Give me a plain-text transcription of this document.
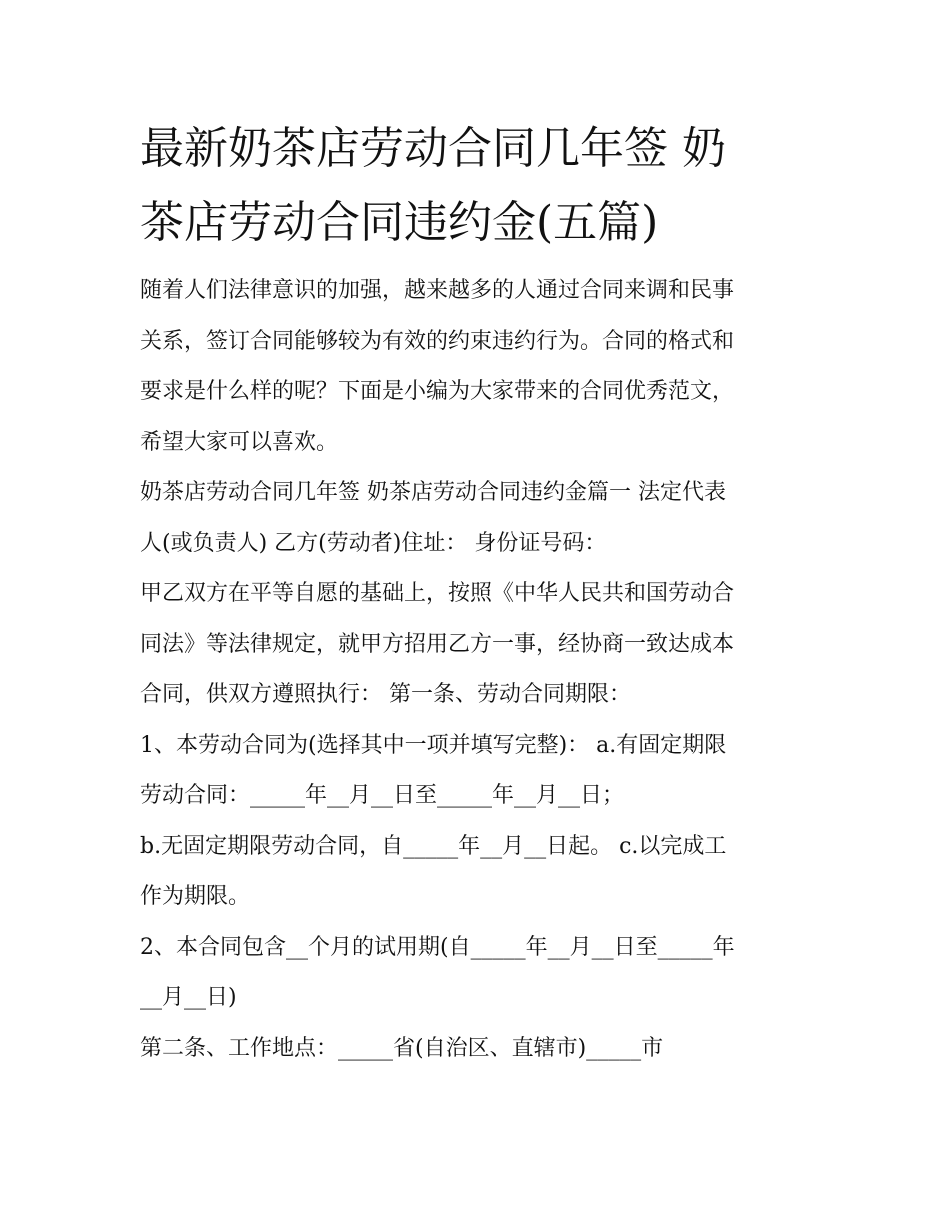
最新奶茶店劳动合同几年签 奶
茶店劳动合同违约金(五篇)

随着人们法律意识的加强，越来越多的人通过合同来调和民事
关系，签订合同能够较为有效的约束违约行为。合同的格式和
要求是什么样的呢？下面是小编为大家带来的合同优秀范文，
希望大家可以喜欢。

奶茶店劳动合同几年签 奶茶店劳动合同违约金篇一 法定代表
人(或负责人) 乙方(劳动者)住址： 身份证号码：

甲乙双方在平等自愿的基础上，按照《中华人民共和国劳动合
同法》等法律规定，就甲方招用乙方一事，经协商一致达成本
合同，供双方遵照执行： 第一条、劳动合同期限：

1、本劳动合同为(选择其中一项并填写完整)： a.有固定期限
劳动合同：_____年__月__日至_____年__月__日；

b.无固定期限劳动合同，自_____年__月__日起。 c.以完成工
作为期限。

2、本合同包含__个月的试用期(自_____年__月__日至_____年
__月__日)

第二条、工作地点：_____省(自治区、直辖市)_____市
